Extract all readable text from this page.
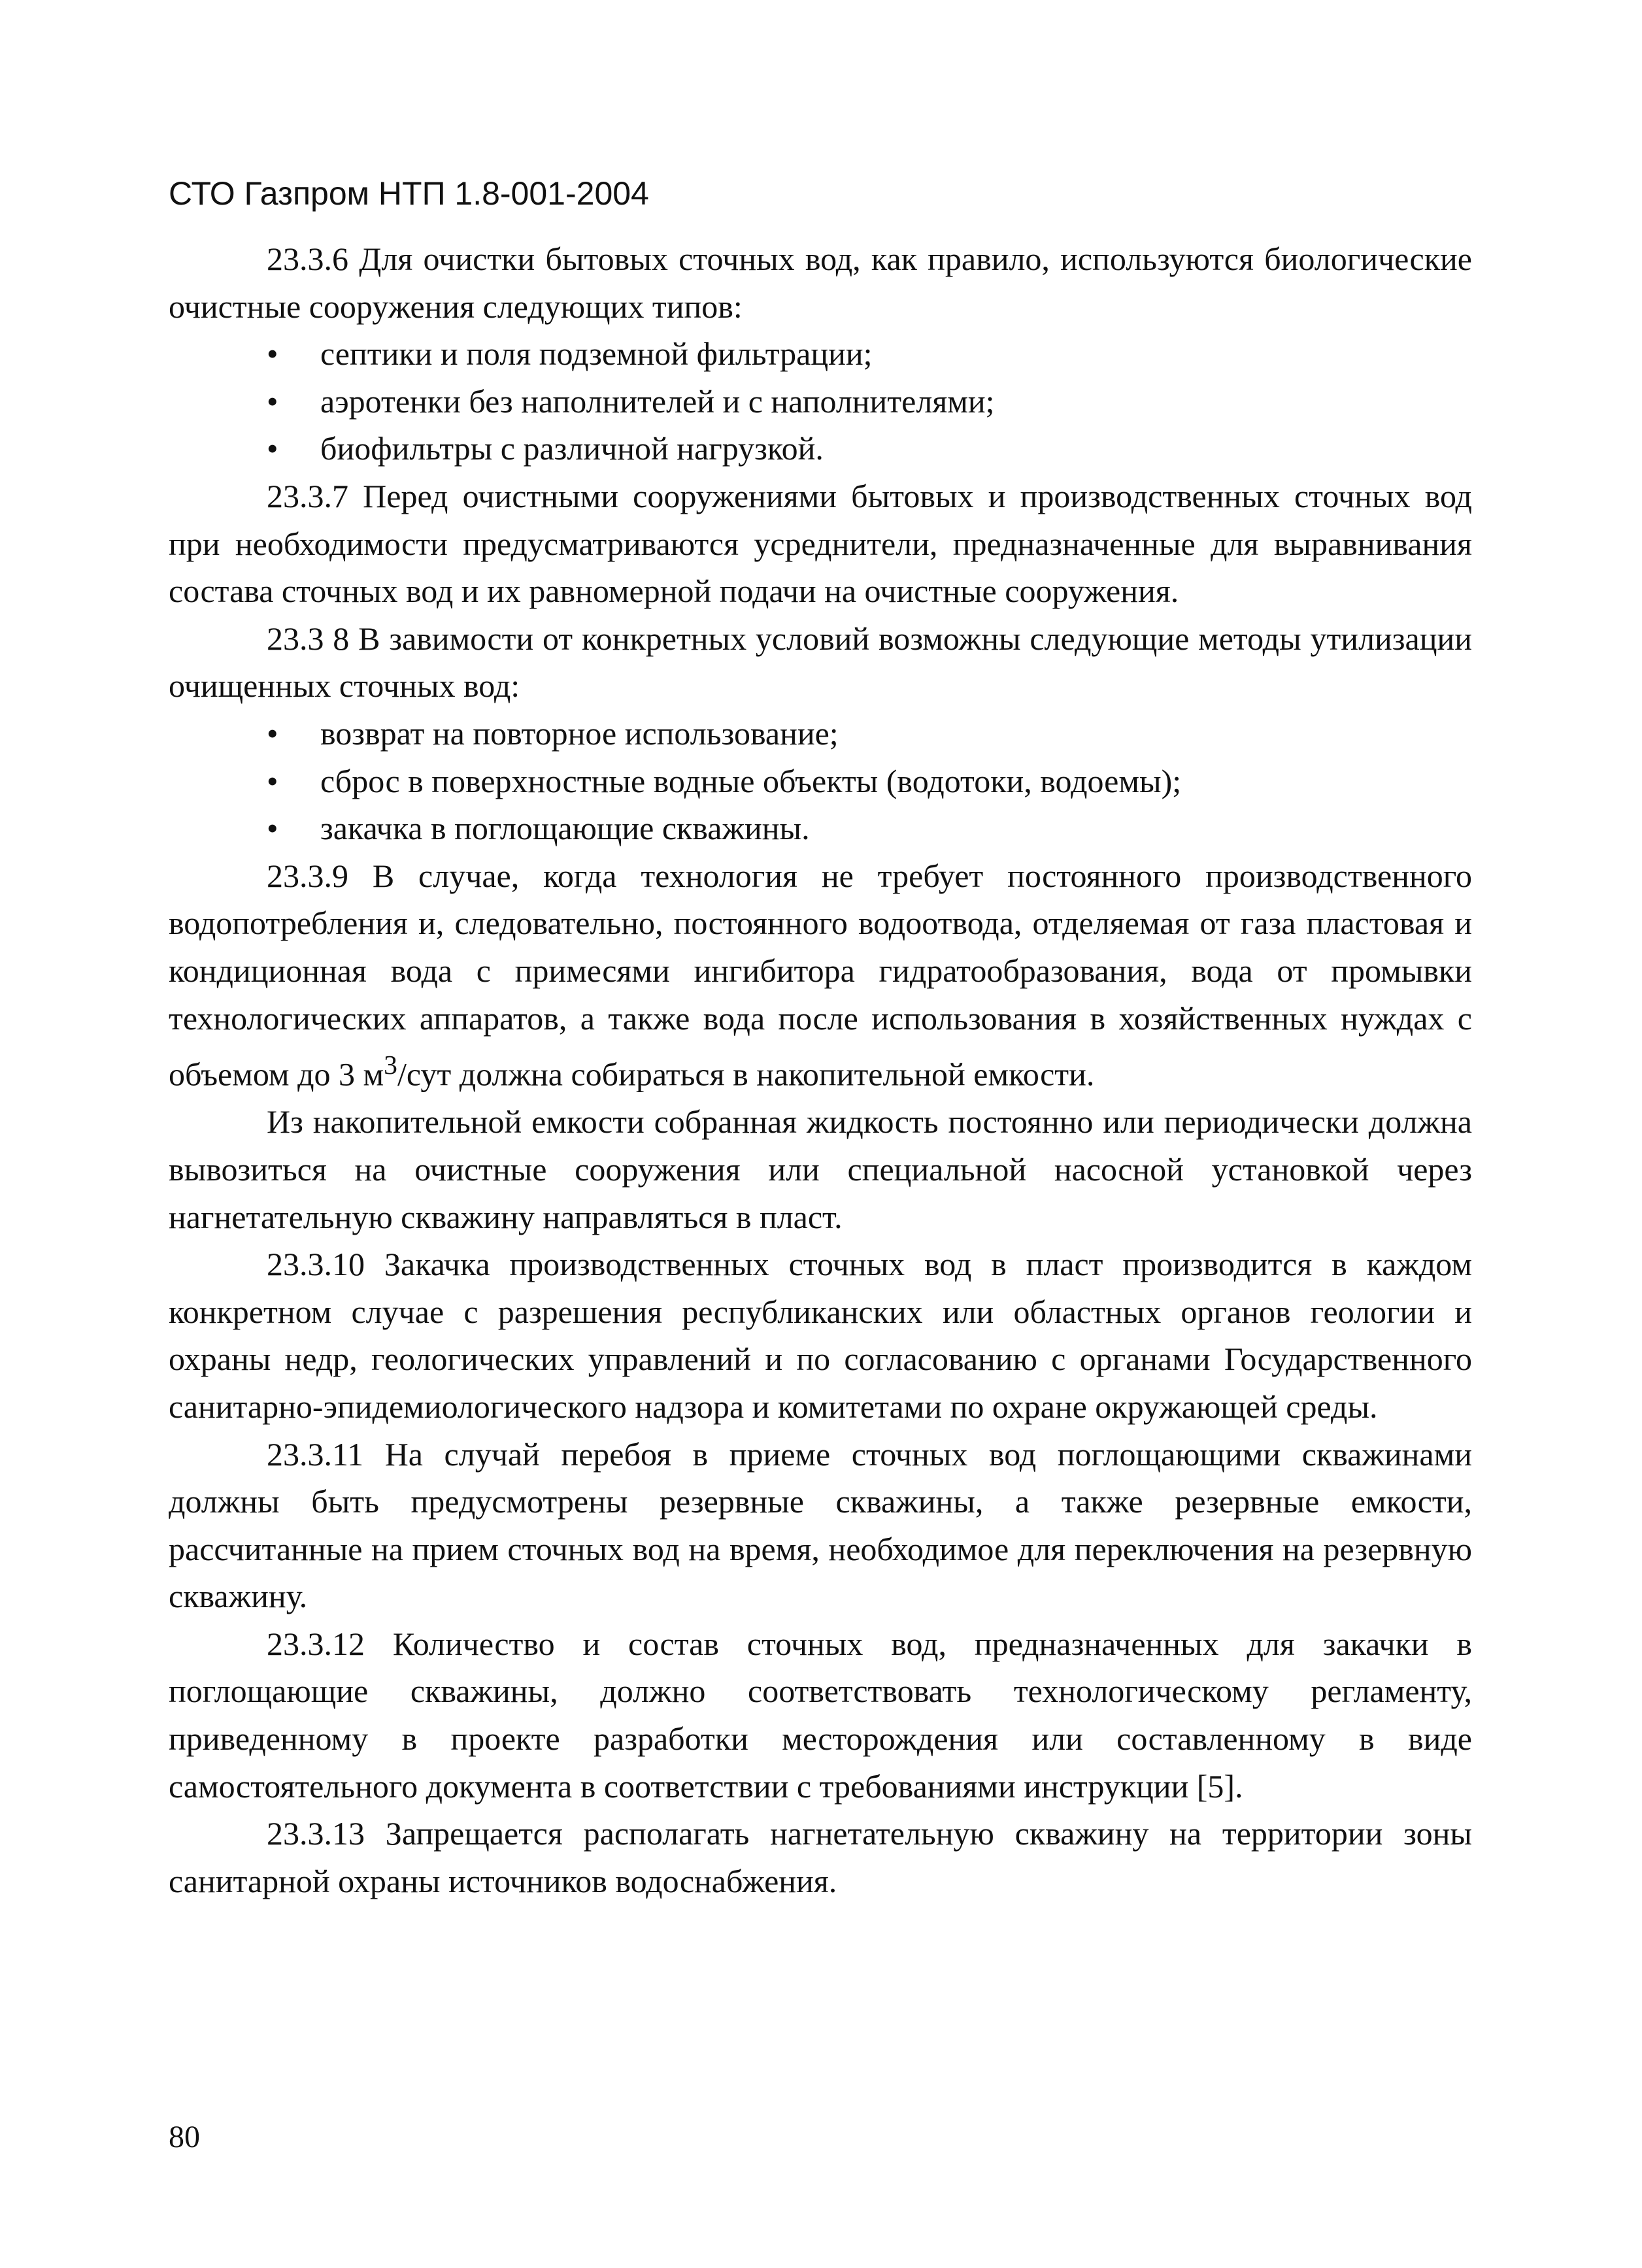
СТО Газпром НТП 1.8-001-2004

23.3.6 Для очистки бытовых сточных вод, как правило, используются биологические очистные сооружения следующих типов:

• септики и поля подземной фильтрации;
• аэротенки без наполнителей и с наполнителями;
• биофильтры с различной нагрузкой.

23.3.7 Перед очистными сооружениями бытовых и производственных сточных вод при необходимости предусматриваются усреднители, предназначенные для выравнивания состава сточных вод и их равномерной подачи на очистные сооружения.

23.3 8 В завимости от конкретных условий возможны следующие методы утилизации очищенных сточных вод:

• возврат на повторное использование;
• сброс в поверхностные водные объекты (водотоки, водоемы);
• закачка в поглощающие скважины.

23.3.9 В случае, когда технология не требует постоянного производственного водопотребления и, следовательно, постоянного водоотвода, отделяемая от газа пластовая и кондиционная вода с примесями ингибитора гидратообразования, вода от промывки технологических аппаратов, а также вода после использования в хозяйственных нуждах с объемом до 3 $м^3$/сут должна собираться в накопительной емкости.

Из накопительной емкости собранная жидкость постоянно или периодически должна вывозиться на очистные сооружения или специальной насосной установкой через нагнетательную скважину направляться в пласт.

23.3.10 Закачка производственных сточных вод в пласт производится в каждом конкретном случае с разрешения республиканских или областных органов геологии и охраны недр, геологических управлений и по согласованию с органами Государственного санитарно-эпидемиологического надзора и комитетами по охране окружающей среды.

23.3.11 На случай перебоя в приеме сточных вод поглощающими скважинами должны быть предусмотрены резервные скважины, а также резервные емкости, рассчитанные на прием сточных вод на время, необходимое для переключения на резервную скважину.

23.3.12 Количество и состав сточных вод, предназначенных для закачки в поглощающие скважины, должно соответствовать технологическому регламенту, приведенному в проекте разработки месторождения или составленному в виде самостоятельного документа в соответствии с требованиями инструкции [5].

23.3.13 Запрещается располагать нагнетательную скважину на территории зоны санитарной охраны источников водоснабжения.

80
